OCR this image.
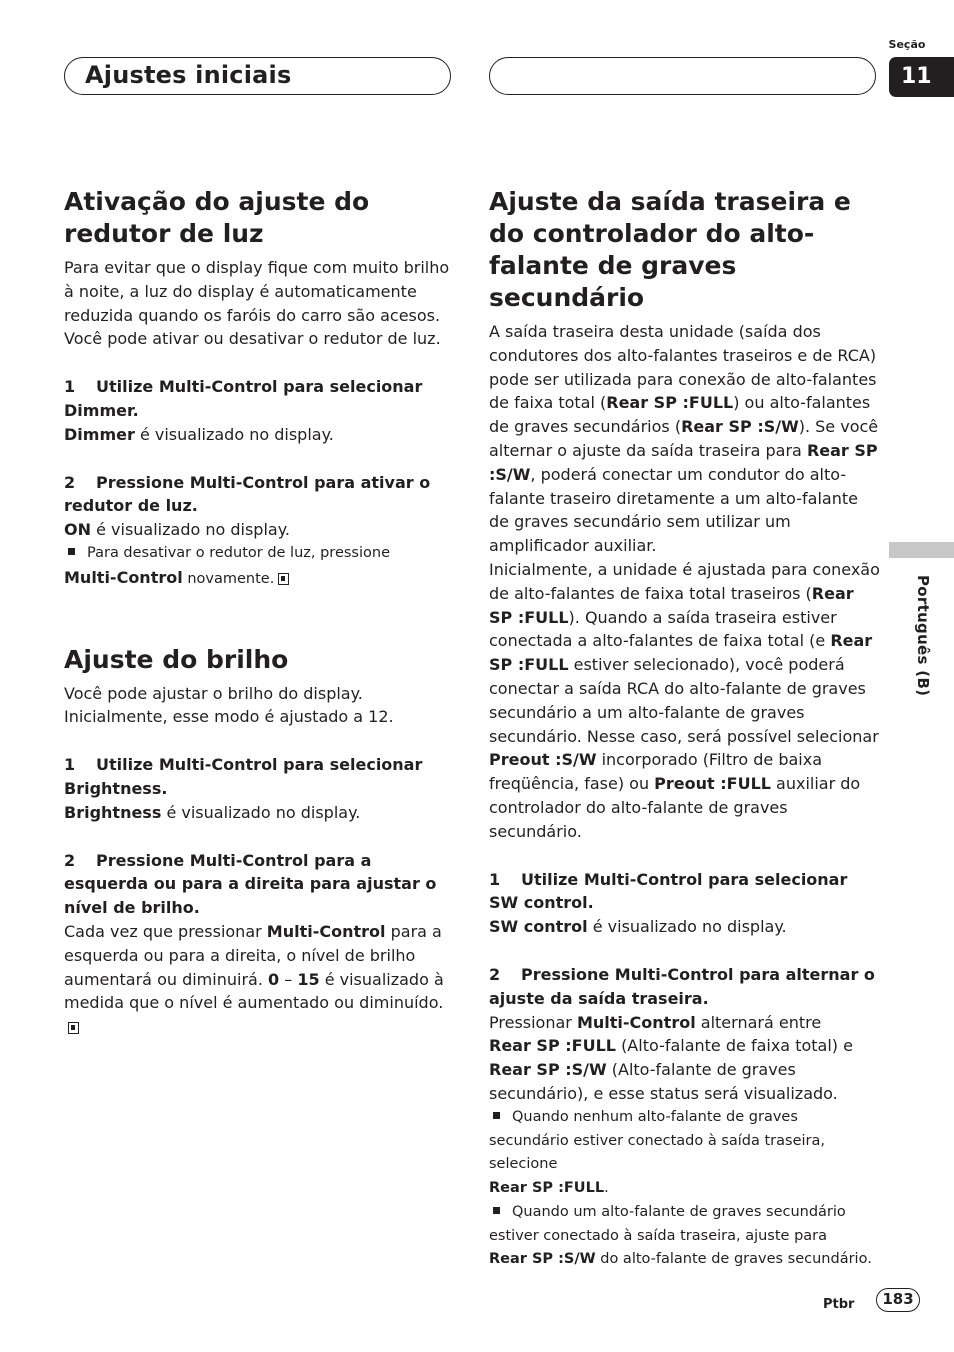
Ajustes iniciais
Seção
11
Português (B)
Ativação do ajuste do redutor de luz

Para evitar que o display fique com muito brilho à noite, a luz do display é automaticamente reduzida quando os faróis do carro são acesos. Você pode ativar ou desativar o redutor de luz.

1 Utilize Multi-Control para selecionar Dimmer.

Dimmer é visualizado no display.

2 Pressione Multi-Control para ativar o redutor de luz.

ON é visualizado no display.

Para desativar o redutor de luz, pressione
Multi-Control novamente.

Ajuste do brilho

Você pode ajustar o brilho do display. Inicialmente, esse modo é ajustado a 12.

1 Utilize Multi-Control para selecionar Brightness.

Brightness é visualizado no display.

2 Pressione Multi-Control para a esquerda ou para a direita para ajustar o nível de brilho.

Cada vez que pressionar Multi-Control para a esquerda ou para a direita, o nível de brilho aumentará ou diminuirá. 0 – 15 é visualizado à medida que o nível é aumentado ou diminuído.

Ajuste da saída traseira e do controlador do alto-falante de graves secundário

A saída traseira desta unidade (saída dos condutores dos alto-falantes traseiros e de RCA) pode ser utilizada para conexão de alto-falantes de faixa total (Rear SP :FULL) ou alto-falantes de graves secundários (Rear SP :S/W). Se você alternar o ajuste da saída traseira para Rear SP :S/W, poderá conectar um condutor do alto-falante traseiro diretamente a um alto-falante de graves secundário sem utilizar um amplificador auxiliar.

Inicialmente, a unidade é ajustada para conexão de alto-falantes de faixa total traseiros (Rear SP :FULL). Quando a saída traseira estiver conectada a alto-falantes de faixa total (e Rear SP :FULL estiver selecionado), você poderá conectar a saída RCA do alto-falante de graves secundário a um alto-falante de graves secundário. Nesse caso, será possível selecionar Preout :S/W incorporado (Filtro de baixa freqüência, fase) ou Preout :FULL auxiliar do controlador do alto-falante de graves secundário.

1 Utilize Multi-Control para selecionar SW control.

SW control é visualizado no display.

2 Pressione Multi-Control para alternar o ajuste da saída traseira.

Pressionar Multi-Control alternará entre
Rear SP :FULL (Alto-falante de faixa total) e
Rear SP :S/W (Alto-falante de graves secundário), e esse status será visualizado.

Quando nenhum alto-falante de graves secundário estiver conectado à saída traseira, selecione
Rear SP :FULL.

Quando um alto-falante de graves secundário estiver conectado à saída traseira, ajuste para
Rear SP :S/W do alto-falante de graves secundário.

Ptbr	183
